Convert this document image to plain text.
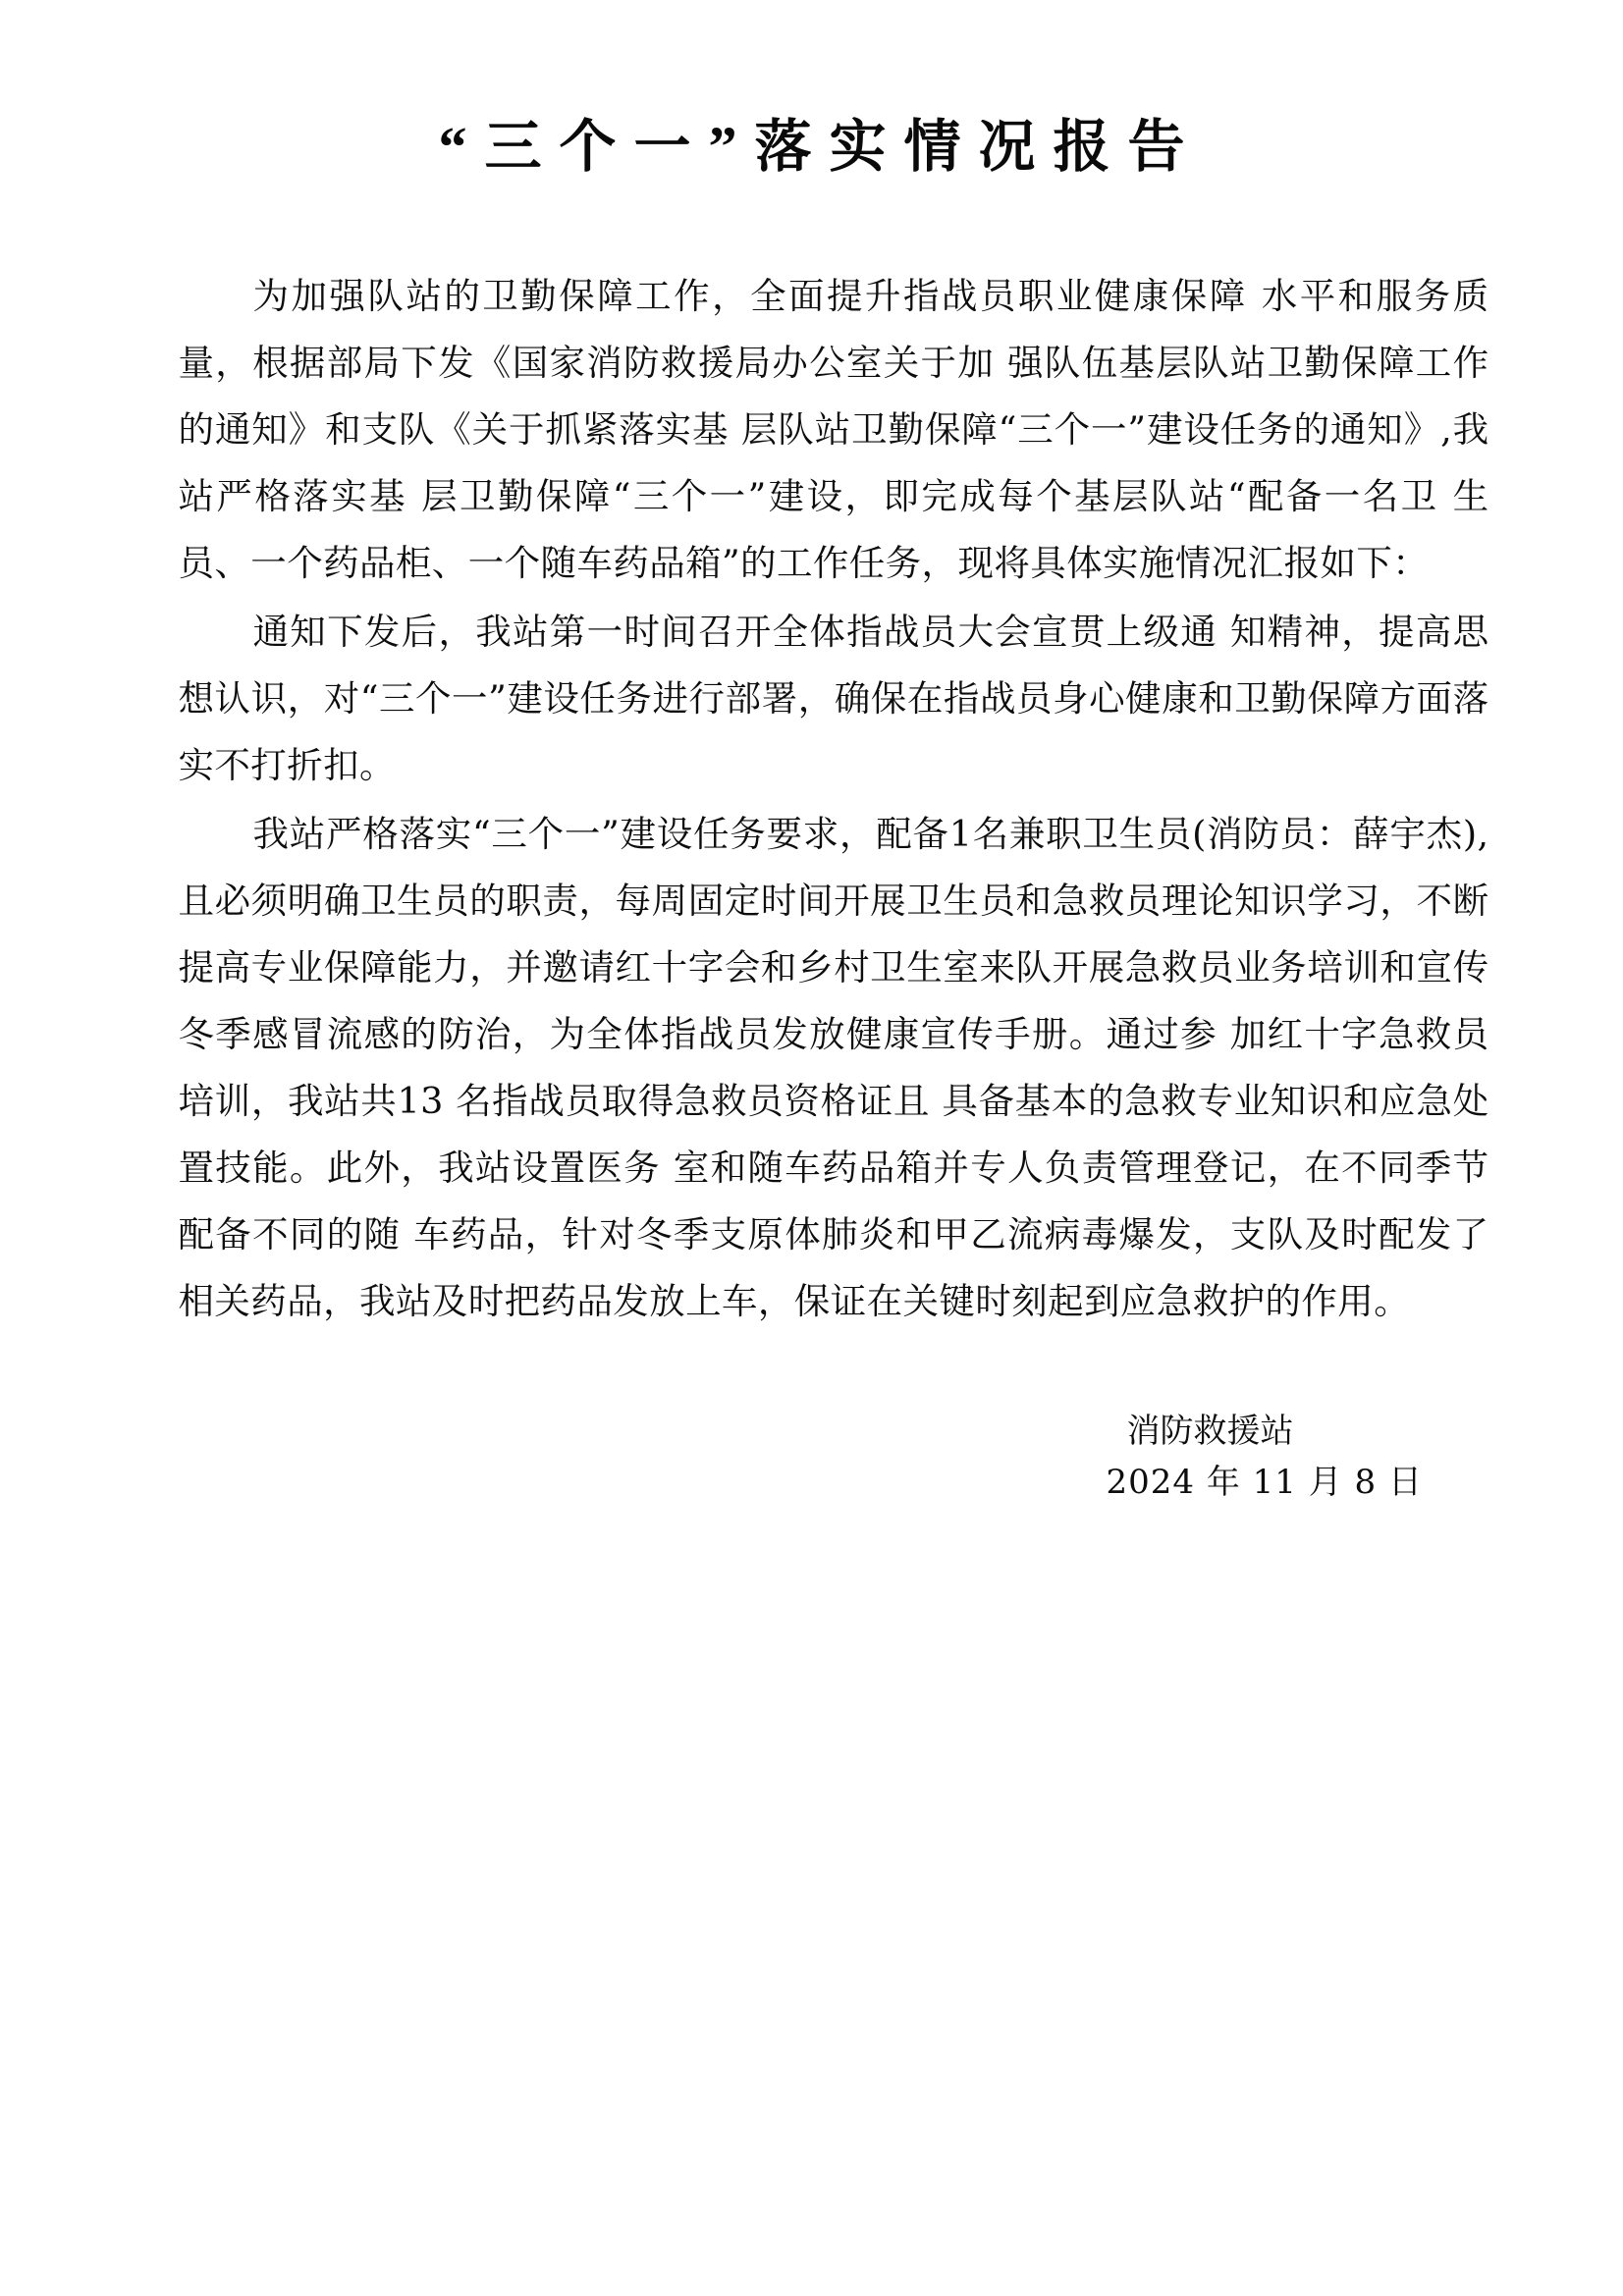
“三个一”落实情况报告

为加强队站的卫勤保障工作，全面提升指战员职业健康保障 水平和服务质量，根据部局下发《国家消防救援局办公室关于加 强队伍基层队站卫勤保障工作的通知》和支队《关于抓紧落实基 层队站卫勤保障“三个一”建设任务的通知》,我站严格落实基 层卫勤保障“三个一”建设，即完成每个基层队站“配备一名卫 生员、一个药品柜、一个随车药品箱”的工作任务，现将具体实施情况汇报如下：

通知下发后，我站第一时间召开全体指战员大会宣贯上级通 知精神，提高思想认识，对“三个一”建设任务进行部署，确保在指战员身心健康和卫勤保障方面落实不打折扣。

我站严格落实“三个一”建设任务要求，配备1名兼职卫生员(消防员：薛宇杰),且必须明确卫生员的职责，每周固定时间开展卫生员和急救员理论知识学习，不断提高专业保障能力，并邀请红十字会和乡村卫生室来队开展急救员业务培训和宣传 冬季感冒流感的防治，为全体指战员发放健康宣传手册。通过参 加红十字急救员培训，我站共13 名指战员取得急救员资格证且 具备基本的急救专业知识和应急处置技能。此外，我站设置医务 室和随车药品箱并专人负责管理登记，在不同季节配备不同的随 车药品，针对冬季支原体肺炎和甲乙流病毒爆发，支队及时配发了相关药品，我站及时把药品发放上车，保证在关键时刻起到应急救护的作用。

消防救援站
2024 年 11 月 8 日
